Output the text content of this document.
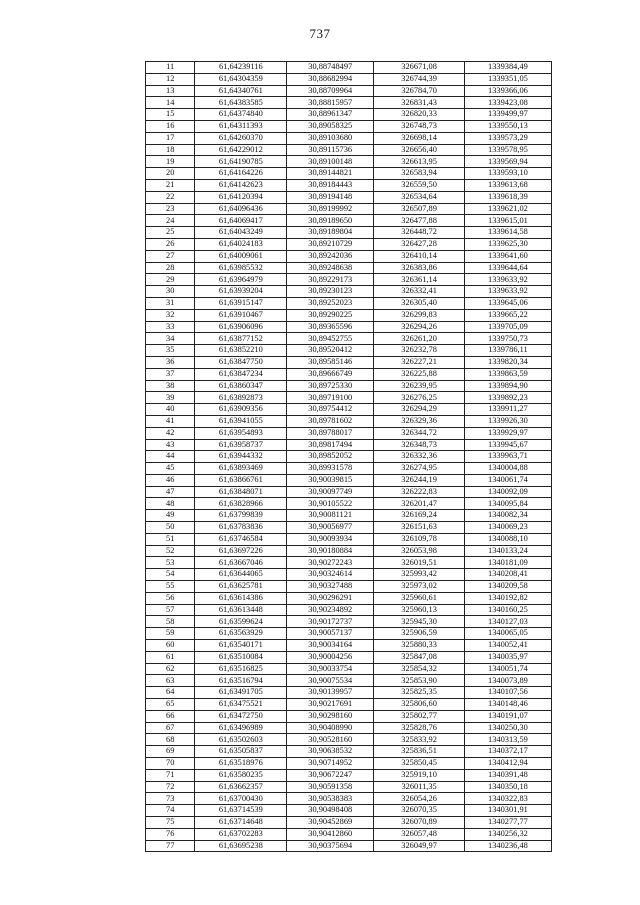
737
11	61,64239116	30,88748497	326671,08	1339384,49
12	61,64304359	30,88682994	326744,39	1339351,05
13	61,64340761	30,88709964	326784,70	1339366,06
14	61,64383585	30,88815957	326831,43	1339423,08
15	61,64374840	30,88961347	326820,33	1339499,97
16	61,64311393	30,89058325	326748,73	1339550,13
17	61,64260370	30,89103680	326698,14	1339573,29
18	61,64229012	30,89115736	326656,40	1339578,95
19	61,64190785	30,89100148	326613,95	1339569,94
20	61,64164226	30,89144821	326583,94	1339593,10
21	61,64142623	30,89184443	326559,50	1339613,68
22	61,64120394	30,89194148	326534,64	1339618,39
23	61,64096436	30,89199992	326507,89	1339621,02
24	61,64069417	30,89189650	326477,88	1339615,01
25	61,64043249	30,89189804	326448,72	1339614,58
26	61,64024183	30,89210729	326427,28	1339625,30
27	61,64009061	30,89242036	326410,14	1339641,60
28	61,63985532	30,89248638	326383,86	1339644,64
29	61,63964979	30,89229173	326361,14	1339633,92
30	61,63939204	30,89230123	326332,41	1339633,92
31	61,63915147	30,89252023	326305,40	1339645,06
32	61,63910467	30,89290225	326299,83	1339665,22
33	61,63906096	30,89365596	326294,26	1339705,09
34	61,63877152	30,89452755	326261,20	1339750,73
35	61,63852210	30,89520412	326232,78	1339786,11
36	61,63847750	30,89585146	326227,21	1339820,34
37	61,63847234	30,89666749	326225,88	1339863,59
38	61,63860347	30,89725330	326239,95	1339894,90
39	61,63892873	30,89719100	326276,25	1339892,23
40	61,63909356	30,89754412	326294,29	1339911,27
41	61,63941055	30,89781602	326329,36	1339926,30
42	61,63954893	30,89788017	326344,72	1339929,97
43	61,63958737	30,89817494	326348,73	1339945,67
44	61,63944332	30,89852052	326332,36	1339963,71
45	61,63893469	30,89931578	326274,95	1340004,88
46	61,63866761	30,90039815	326244,19	1340061,74
47	61,63848071	30,90097749	326222,83	1340092,09
48	61,63828966	30,90105522	326201,47	1340095,84
49	61,63799839	30,90081121	326169,24	1340082,34
50	61,63783836	30,90056977	326151,63	1340069,23
51	61,63746584	30,90093934	326109,78	1340088,10
52	61,63697226	30,90180884	326053,98	1340133,24
53	61,63667046	30,90272243	326019,51	1340181,09
54	61,63644065	30,90324614	325993,42	1340208,41
55	61,63625781	30,90327488	325973,02	1340209,58
56	61,63614386	30,90296291	325960,61	1340192,82
57	61,63613448	30,90234892	325960,13	1340160,25
58	61,63599624	30,90172737	325945,30	1340127,03
59	61,63563929	30,90057137	325906,59	1340065,05
60	61,63540171	30,90034164	325880,33	1340052,41
61	61,63510084	30,90004256	325847,08	1340035,97
62	61,63516825	30,90033754	325854,32	1340051,74
63	61,63516794	30,90075534	325853,90	1340073,89
64	61,63491705	30,90139957	325825,35	1340107,56
65	61,63475521	30,90217691	325806,60	1340148,46
66	61,63472750	30,90298160	325802,77	1340191,07
67	61,63496989	30,90408990	325828,76	1340250,30
68	61,63502603	30,90528160	325833,92	1340313,59
69	61,63505837	30,90638532	325836,51	1340372,17
70	61,63518976	30,90714952	325850,45	1340412,94
71	61,63580235	30,90672247	325919,10	1340391,48
72	61,63662357	30,90591358	326011,35	1340350,18
73	61,63700430	30,90538383	326054,26	1340322,83
74	61,63714539	30,90498408	326070,35	1340301,91
75	61,63714648	30,90452869	326070,89	1340277,77
76	61,63702283	30,90412860	326057,48	1340256,32
77	61,63695238	30,90375694	326049,97	1340236,48
